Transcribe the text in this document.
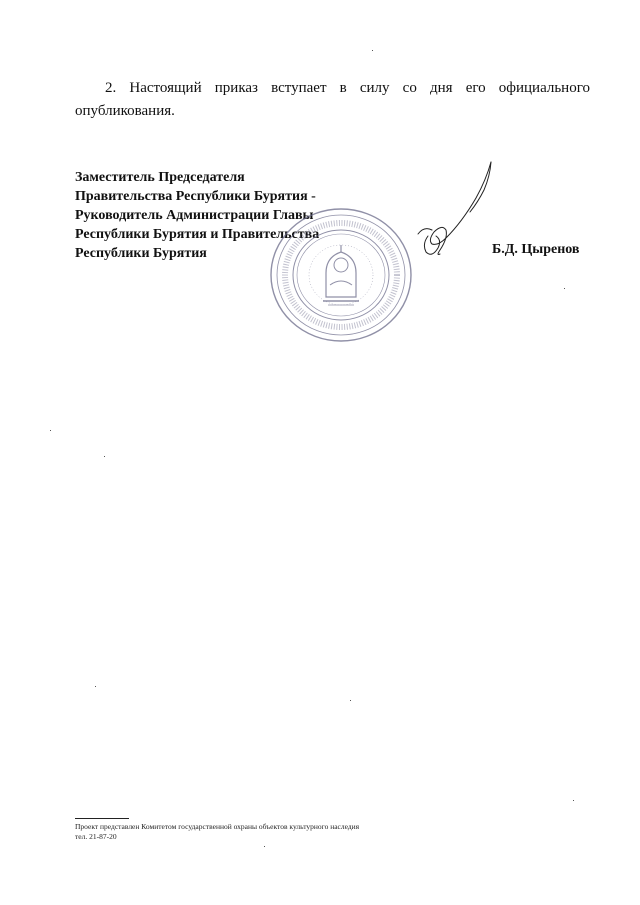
2. Настоящий приказ вступает в силу со дня его официального

опубликования.

Заместитель Председателя
Правительства Республики Бурятия -
Руководитель Администрации Главы
Республики Бурятия и Правительства
Республики Бурятия	Б.Д. Цыренов
Проект представлен Комитетом государственной охраны объектов культурного наследия
тел. 21-87-20
